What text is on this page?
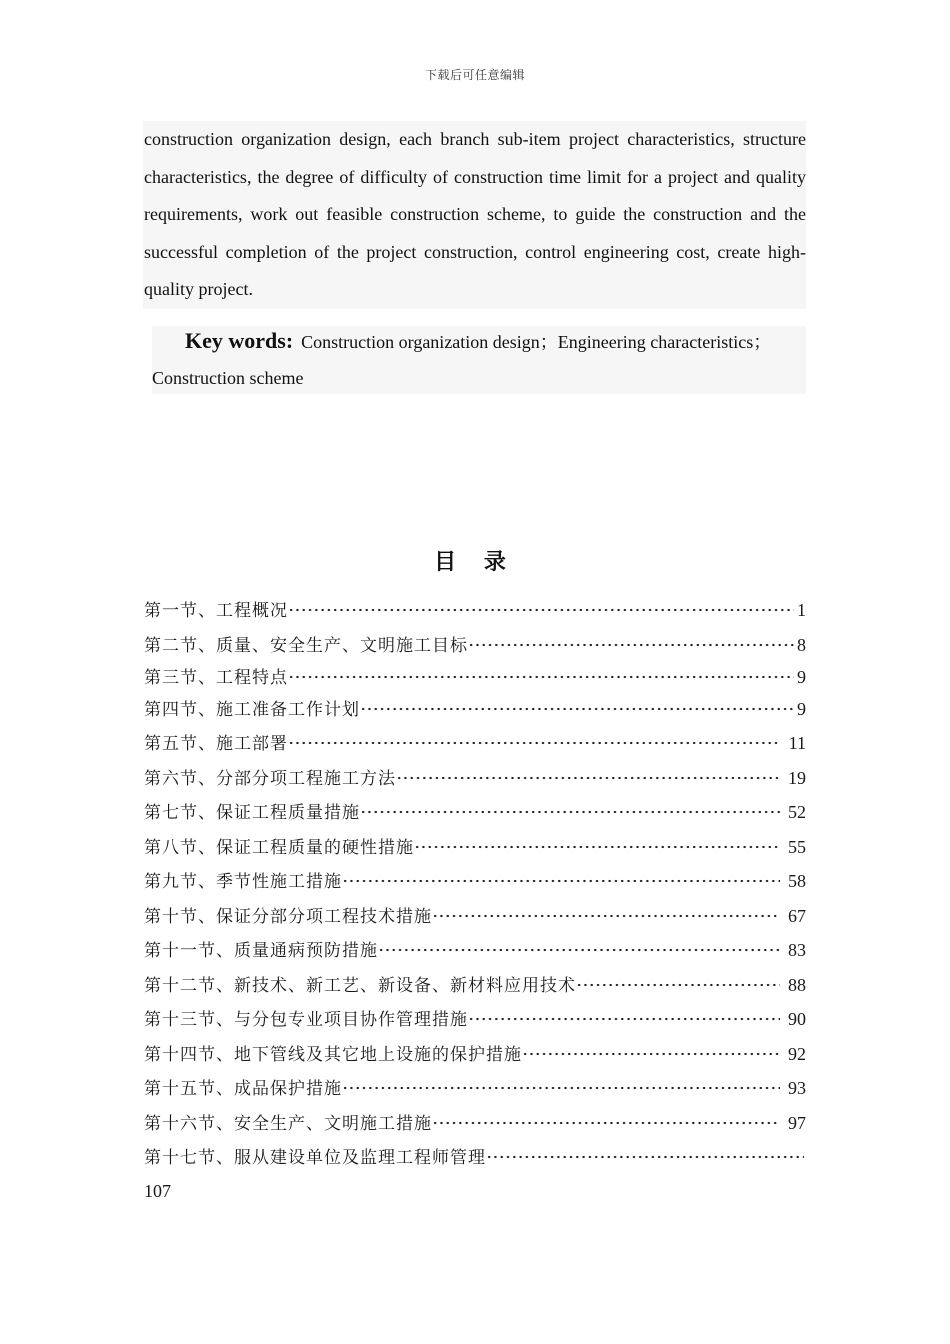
下载后可任意编辑

construction organization design, each branch sub-item project characteristics, structure characteristics, the degree of difficulty of construction time limit for a project and quality requirements, work out feasible construction scheme, to guide the construction and the successful completion of the project construction, control engineering cost, create high-quality project.

Key words: Construction organization design；Engineering characteristics；
Construction scheme
目 录
第一节、工程概况	1
第二节、质量、安全生产、文明施工目标	8
第三节、工程特点	9
第四节、施工准备工作计划	9
第五节、施工部署	11
第六节、分部分项工程施工方法	19
第七节、保证工程质量措施	52
第八节、保证工程质量的硬性措施	55
第九节、季节性施工措施	58
第十节、保证分部分项工程技术措施	67
第十一节、质量通病预防措施	83
第十二节、新技术、新工艺、新设备、新材料应用技术	88
第十三节、与分包专业项目协作管理措施	90
第十四节、地下管线及其它地上设施的保护措施	92
第十五节、成品保护措施	93
第十六节、安全生产、文明施工措施	97
第十七节、服从建设单位及监理工程师管理
107
